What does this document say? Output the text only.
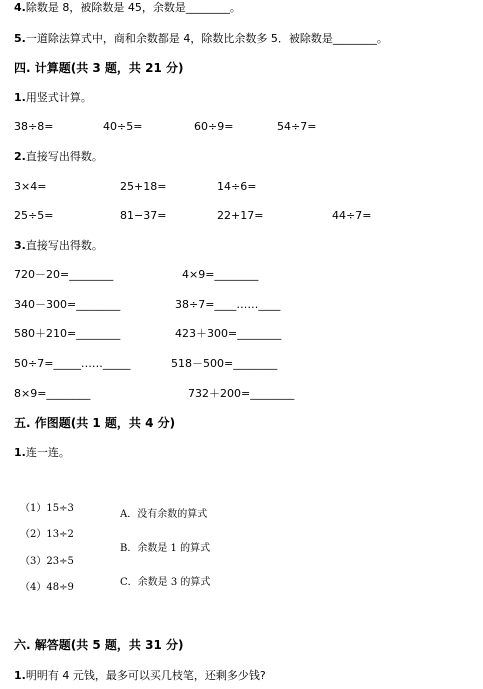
4.除数是 8，被除数是 45，余数是________。
5.一道除法算式中，商和余数都是 4，除数比余数多 5．被除数是________。
四. 计算题(共 3 题，共 21 分)
1.用竖式计算。
38÷8=	40÷5=	60÷9=	54÷7=
2.直接写出得数。
3×4=	25+18=	14÷6=
25÷5=	81−37=	22+17=	44÷7=
3.直接写出得数。
720－20=________	4×9=________
340－300=________	38÷7=____……____
580＋210=________	423＋300=________
50÷7=_____……_____	518－500=________
8×9=________	732＋200=________
五. 作图题(共 1 题，共 4 分)
1.连一连。
（1）15÷3
（2）13÷2
（3）23÷5
（4）48÷9
A．没有余数的算式
B．余数是 1 的算式
C．余数是 3 的算式
六. 解答题(共 5 题，共 31 分)
1.明明有 4 元钱，最多可以买几枝笔，还剩多少钱?
